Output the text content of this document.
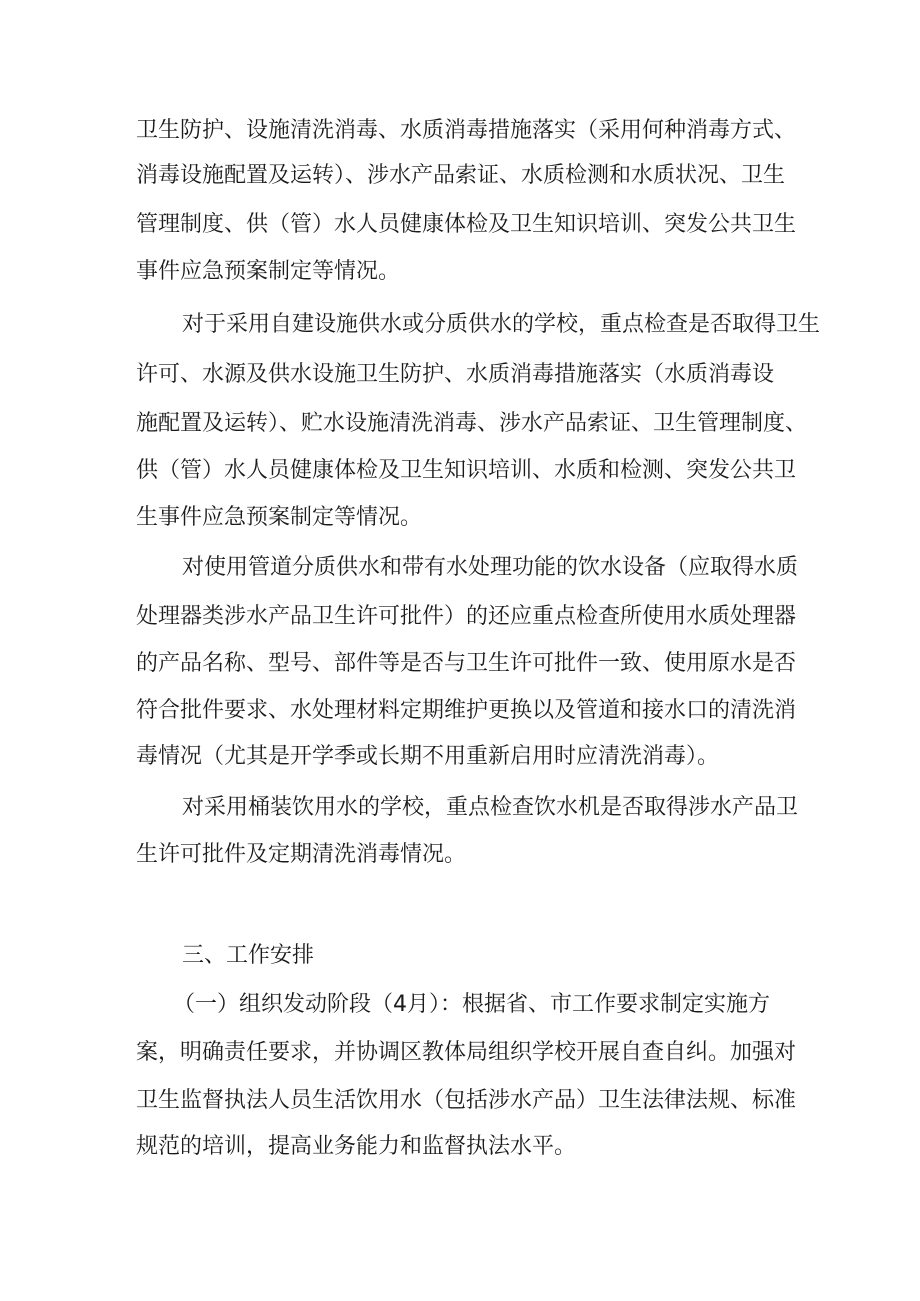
卫生防护、设施清洗消毒、水质消毒措施落实（采用何种消毒方式、
消毒设施配置及运转）、涉水产品索证、水质检测和水质状况、卫生
管理制度、供（管）水人员健康体检及卫生知识培训、突发公共卫生
事件应急预案制定等情况。
对于采用自建设施供水或分质供水的学校，重点检查是否取得卫生
许可、水源及供水设施卫生防护、水质消毒措施落实（水质消毒设
施配置及运转）、贮水设施清洗消毒、涉水产品索证、卫生管理制度、
供（管）水人员健康体检及卫生知识培训、水质和检测、突发公共卫
生事件应急预案制定等情况。
对使用管道分质供水和带有水处理功能的饮水设备（应取得水质
处理器类涉水产品卫生许可批件）的还应重点检查所使用水质处理器
的产品名称、型号、部件等是否与卫生许可批件一致、使用原水是否
符合批件要求、水处理材料定期维护更换以及管道和接水口的清洗消
毒情况（尤其是开学季或长期不用重新启用时应清洗消毒）。
对采用桶装饮用水的学校，重点检查饮水机是否取得涉水产品卫
生许可批件及定期清洗消毒情况。
三、工作安排
（一）组织发动阶段（4月）：根据省、市工作要求制定实施方
案，明确责任要求，并协调区教体局组织学校开展自查自纠。加强对
卫生监督执法人员生活饮用水（包括涉水产品）卫生法律法规、标准
规范的培训，提高业务能力和监督执法水平。
